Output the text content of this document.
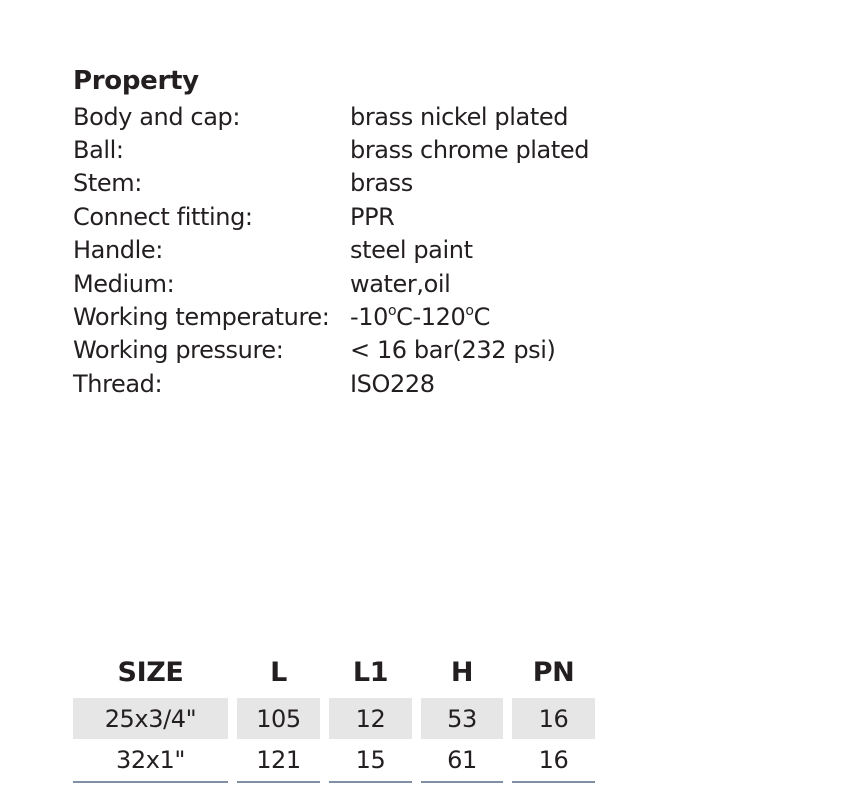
Property
Body and cap:	brass nickel plated
Ball:	brass chrome plated
Stem:	brass
Connect fitting:	PPR
Handle:	steel paint
Medium:	water,oil
Working temperature: -10$^o$C-120$^o$C
Working pressure:	< 16 bar(232 psi)
Thread:	ISO228
SIZE	L	L1	H	PN
25x3/4"	105	12	53	16
32x1"	121	15	61	16
